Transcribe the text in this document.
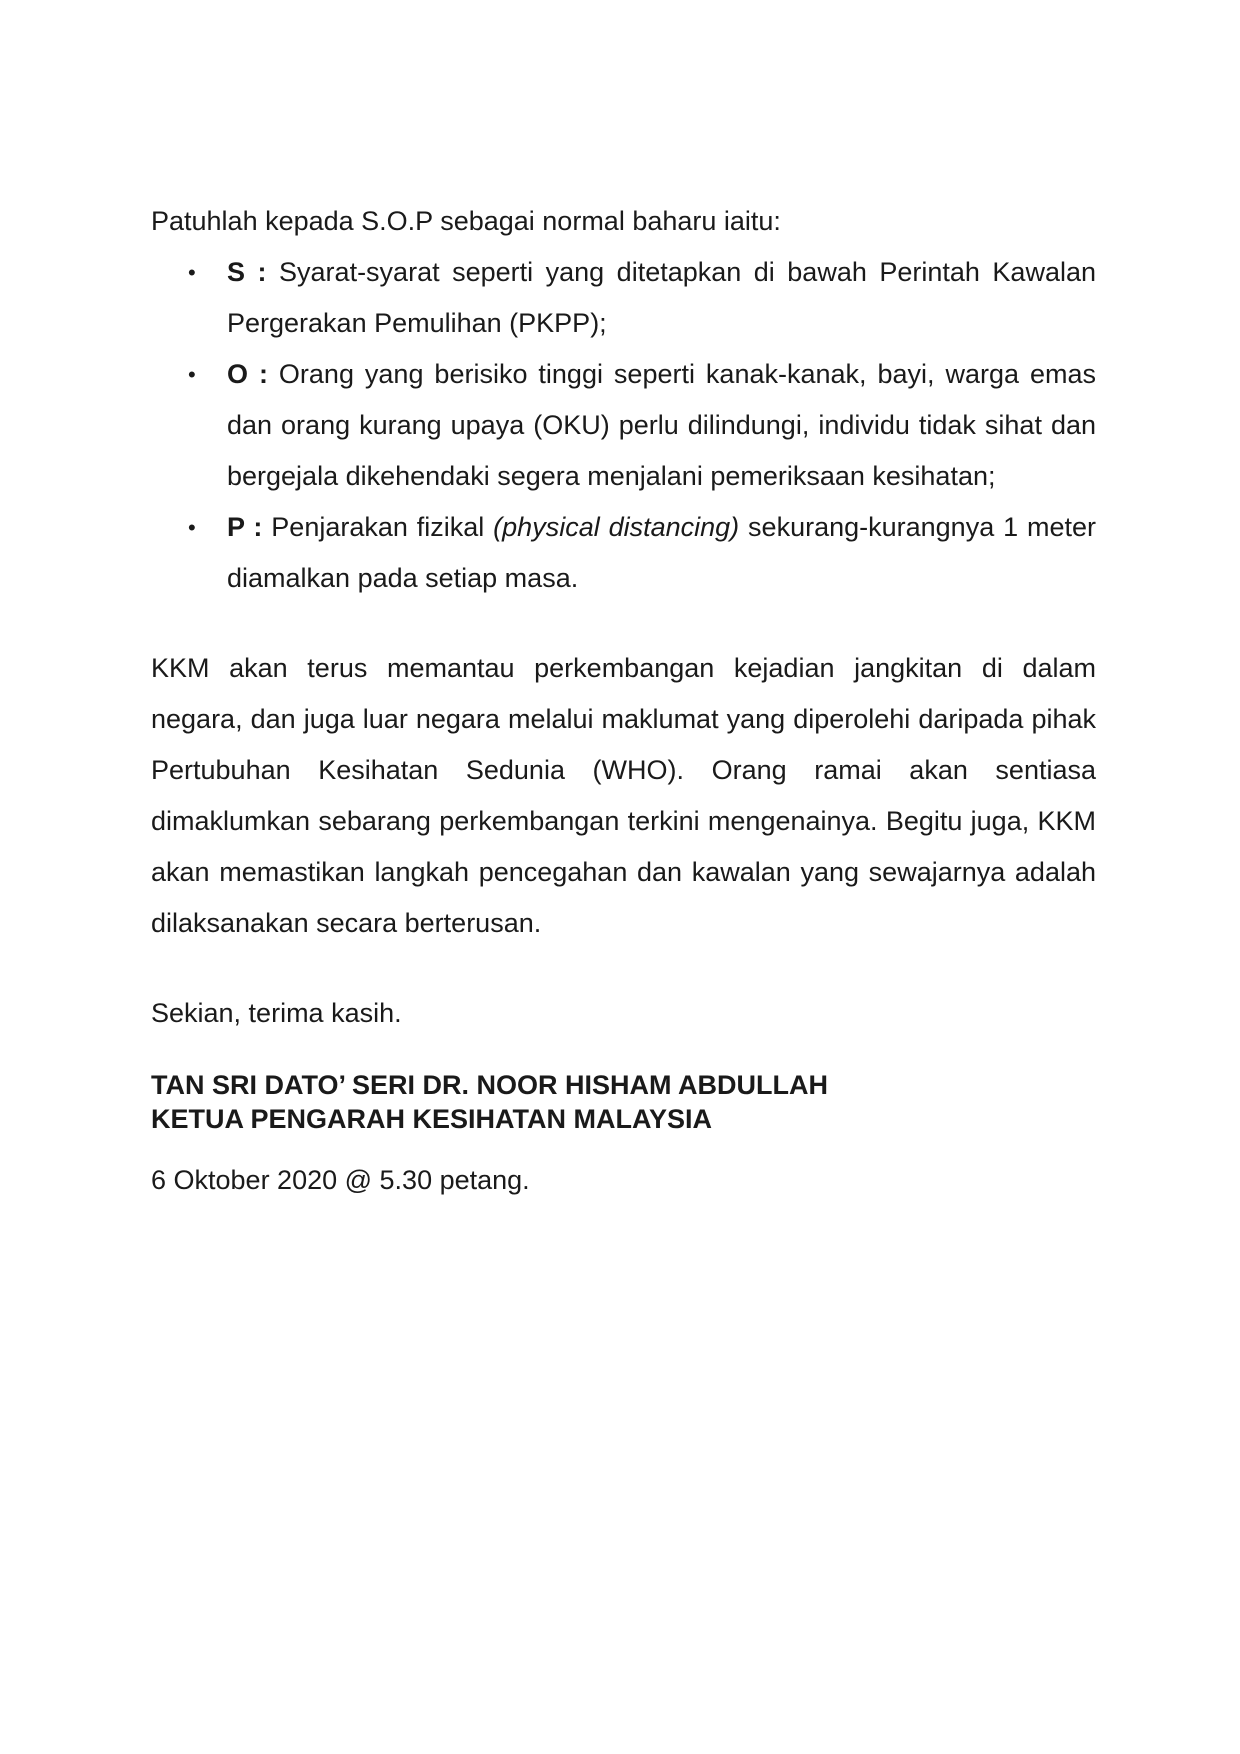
Patuhlah kepada S.O.P sebagai normal baharu iaitu:

• S : Syarat-syarat seperti yang ditetapkan di bawah Perintah Kawalan Pergerakan Pemulihan (PKPP);
• O : Orang yang berisiko tinggi seperti kanak-kanak, bayi, warga emas dan orang kurang upaya (OKU) perlu dilindungi, individu tidak sihat dan bergejala dikehendaki segera menjalani pemeriksaan kesihatan;
• P : Penjarakan fizikal (physical distancing) sekurang-kurangnya 1 meter diamalkan pada setiap masa.

KKM akan terus memantau perkembangan kejadian jangkitan di dalam negara, dan juga luar negara melalui maklumat yang diperolehi daripada pihak Pertubuhan Kesihatan Sedunia (WHO). Orang ramai akan sentiasa dimaklumkan sebarang perkembangan terkini mengenainya. Begitu juga, KKM akan memastikan langkah pencegahan dan kawalan yang sewajarnya adalah dilaksanakan secara berterusan.

Sekian, terima kasih.

TAN SRI DATO’ SERI DR. NOOR HISHAM ABDULLAH

KETUA PENGARAH KESIHATAN MALAYSIA

6 Oktober 2020 @ 5.30 petang.
